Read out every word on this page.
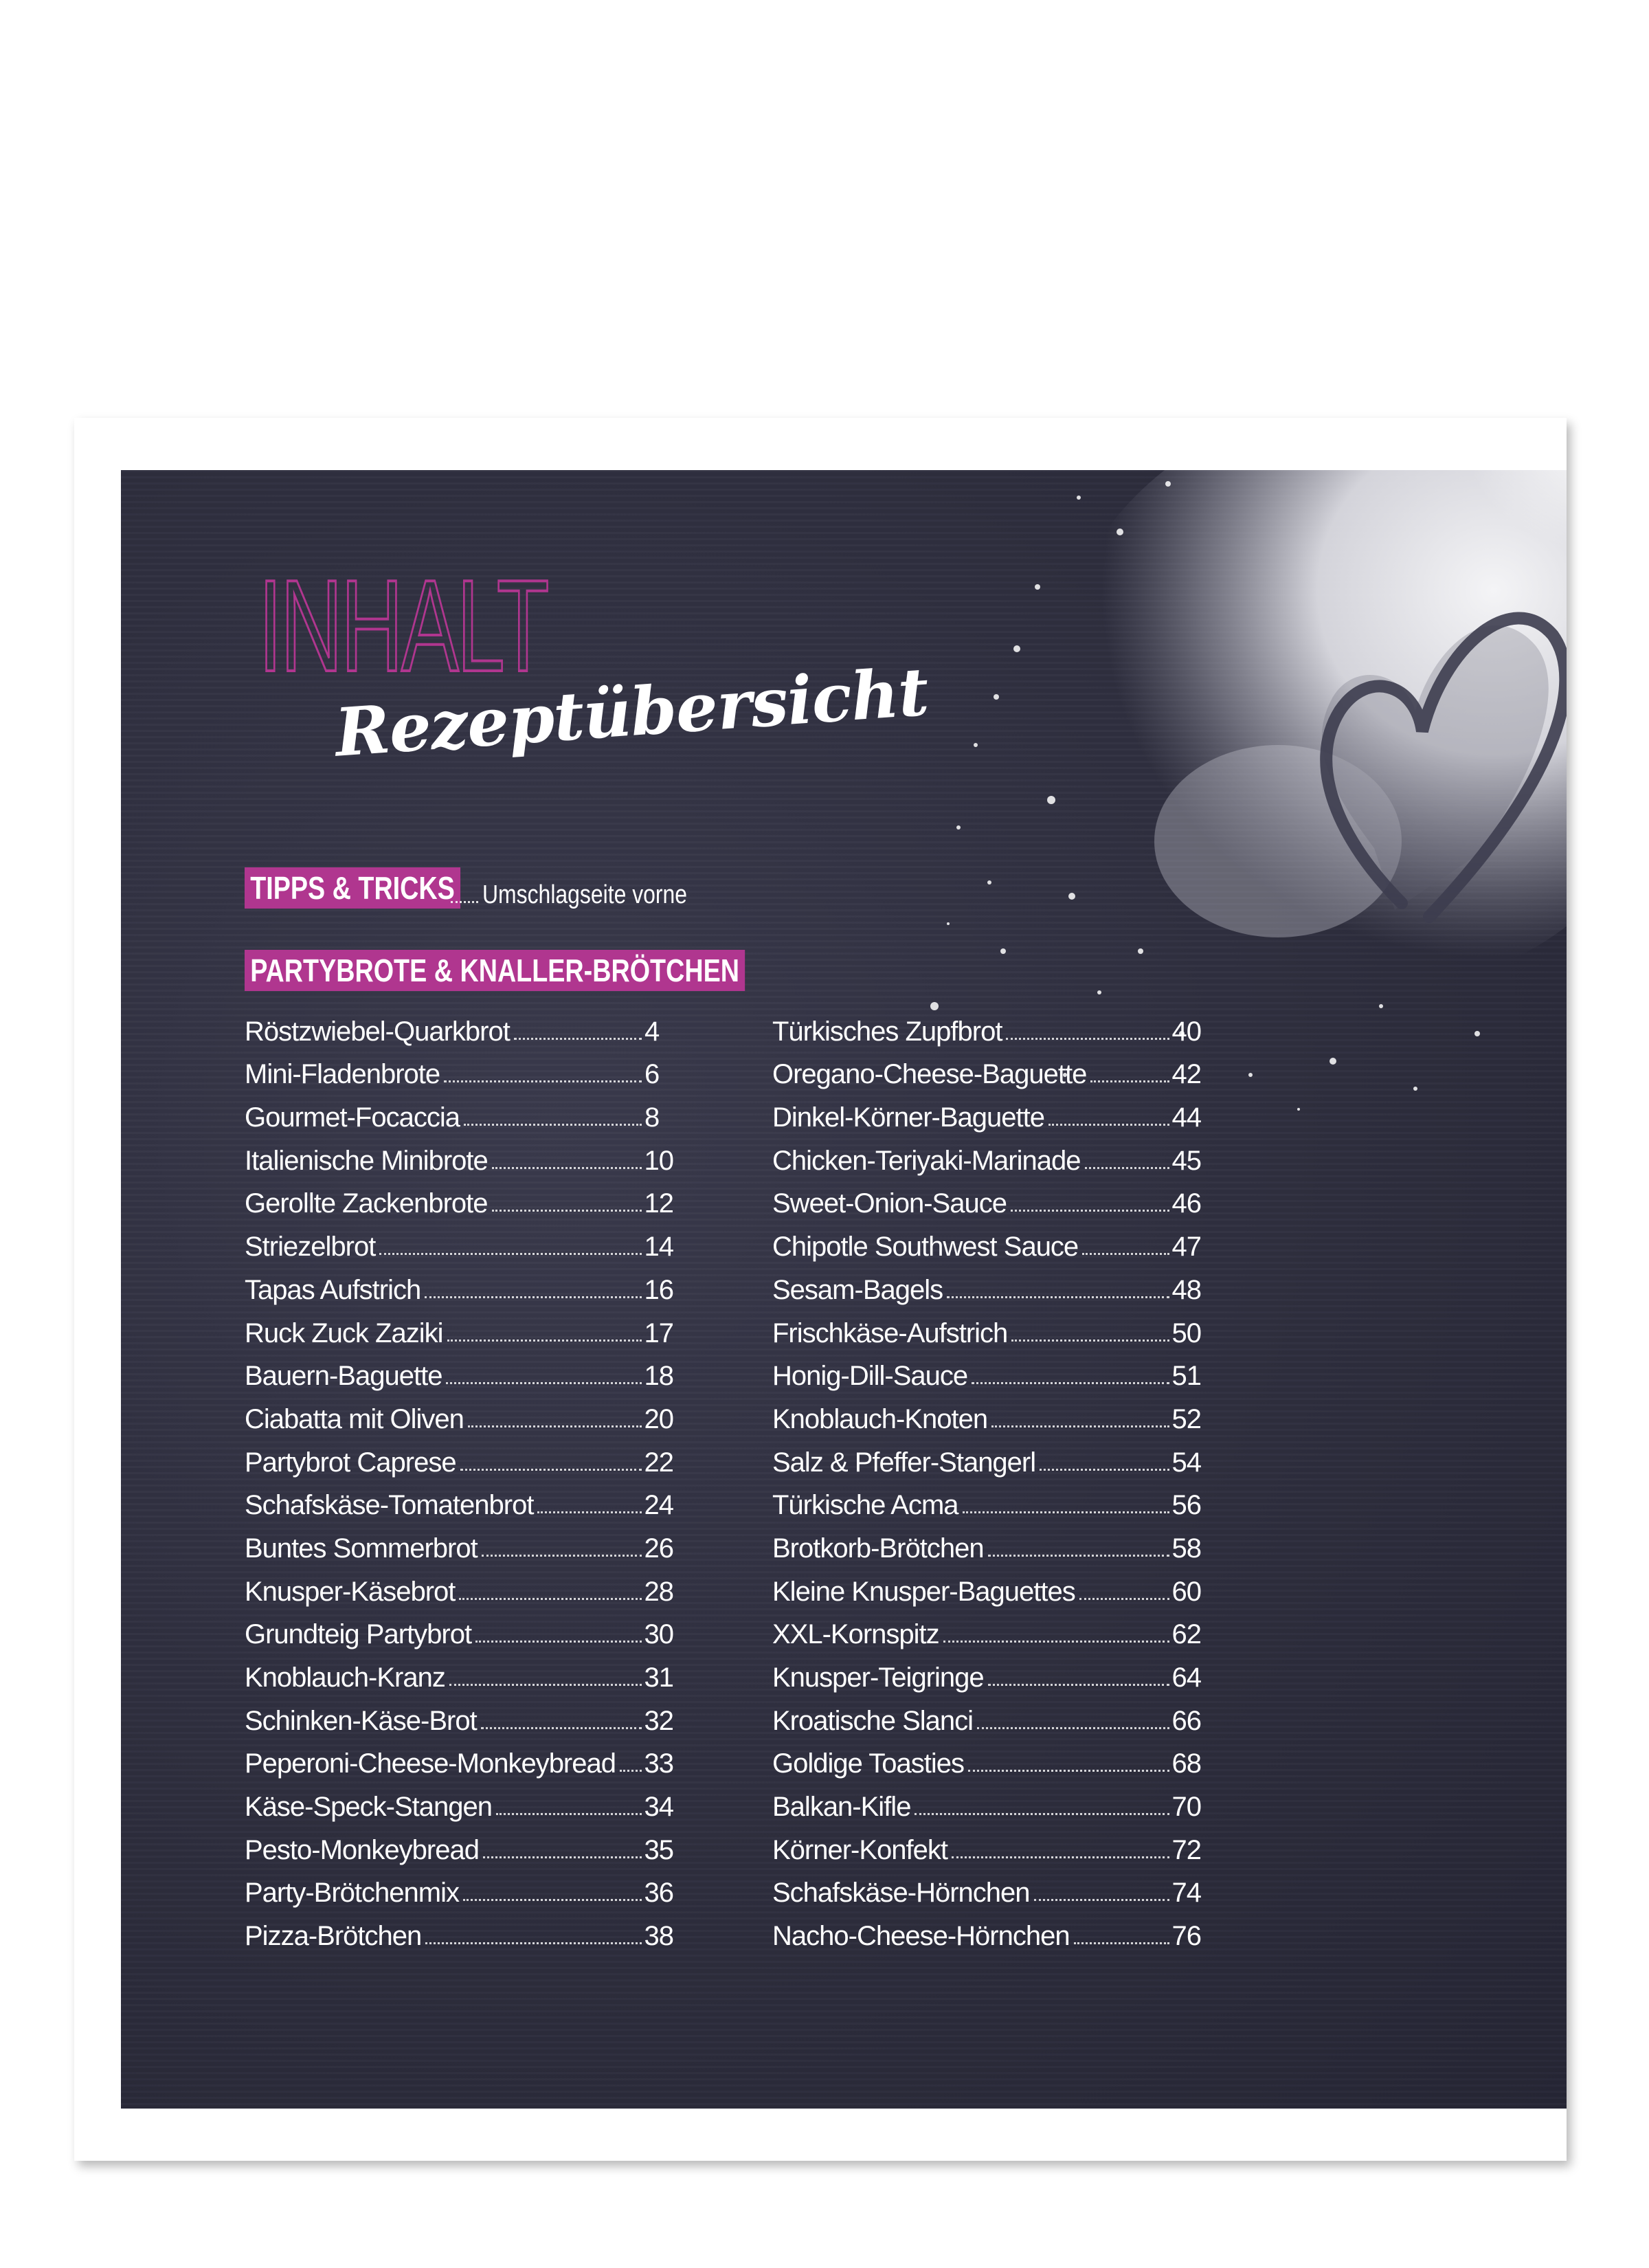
INHALT
Rezeptübersicht
TIPPS & TRICKS Umschlagseite vorne
PARTYBROTE & KNALLER-BRÖTCHEN
Röstzwiebel-Quarkbrot	4
Mini-Fladenbrote	6
Gourmet-Focaccia	8
Italienische Minibrote	10
Gerollte Zackenbrote	12
Striezelbrot	14
Tapas Aufstrich	16
Ruck Zuck Zaziki	17
Bauern-Baguette	18
Ciabatta mit Oliven	20
Partybrot Caprese	22
Schafskäse-Tomatenbrot	24
Buntes Sommerbrot	26
Knusper-Käsebrot	28
Grundteig Partybrot	30
Knoblauch-Kranz	31
Schinken-Käse-Brot	32
Peperoni-Cheese-Monkeybread 33
Käse-Speck-Stangen	34
Pesto-Monkeybread	35
Party-Brötchenmix	36
Pizza-Brötchen	38
Türkisches Zupfbrot	40
Oregano-Cheese-Baguette	42
Dinkel-Körner-Baguette	44
Chicken-Teriyaki-Marinade	45
Sweet-Onion-Sauce	46
Chipotle Southwest Sauce	47
Sesam-Bagels	48
Frischkäse-Aufstrich	50
Honig-Dill-Sauce	51
Knoblauch-Knoten	52
Salz & Pfeffer-Stangerl	54
Türkische Acma	56
Brotkorb-Brötchen	58
Kleine Knusper-Baguettes	60
XXL-Kornspitz	62
Knusper-Teigringe	64
Kroatische Slanci	66
Goldige Toasties	68
Balkan-Kifle	70
Körner-Konfekt	72
Schafskäse-Hörnchen	74
Nacho-Cheese-Hörnchen	76
